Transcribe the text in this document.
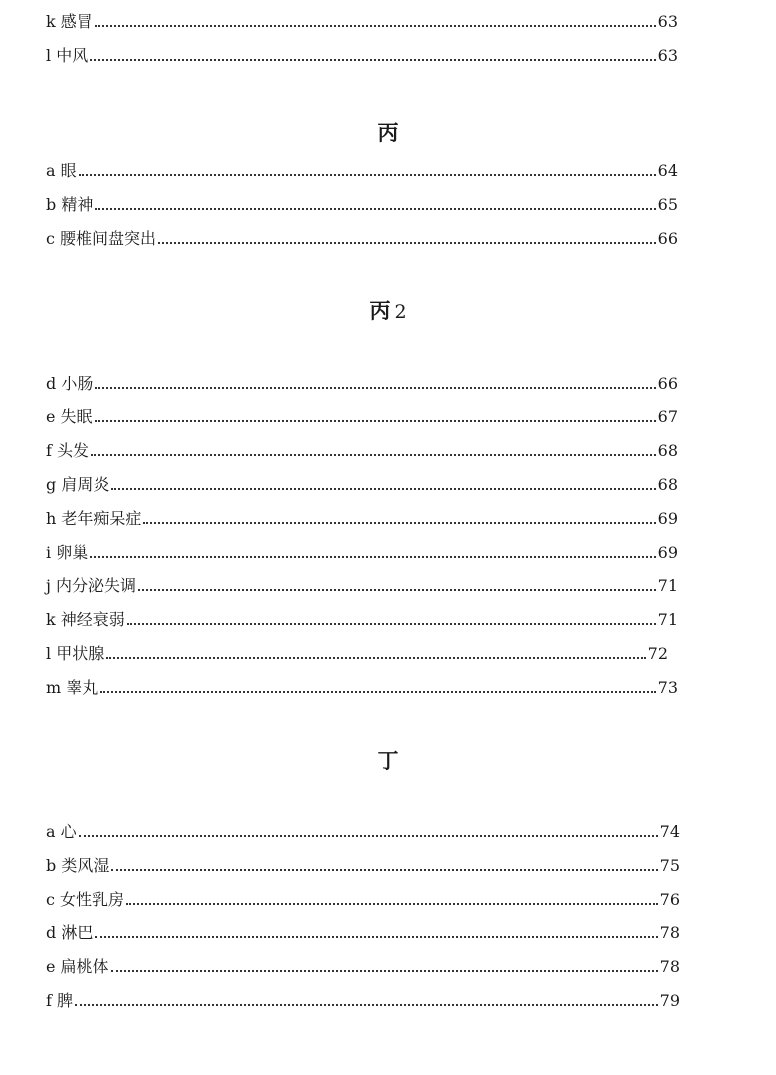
k 感冒	63
l 中风	63
丙
a 眼	64
b 精神	65
c 腰椎间盘突出	66
丙 2
d 小肠	66
e 失眠	67
f 头发	68
g 肩周炎	68
h 老年痴呆症	69
i 卵巢	69
j 内分泌失调	71
k 神经衰弱	71
l 甲状腺	72
m 睾丸	73
丁
a 心	74
b 类风湿	75
c 女性乳房	76
d 淋巴	78
e 扁桃体	78
f 脾	79
